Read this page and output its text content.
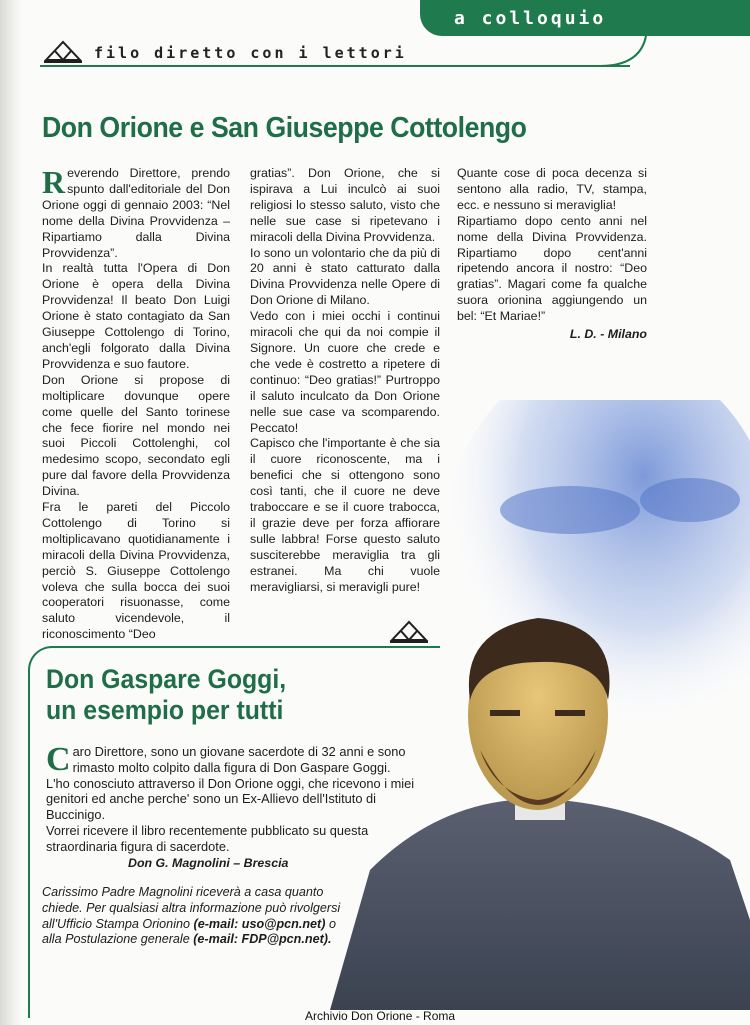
a colloquio
filo diretto con i lettori
Don Orione e San Giuseppe Cottolengo

Reverendo Direttore, prendo spunto dall'editoriale del Don Orione oggi di gennaio 2003: “Nel nome della Divina Provvidenza – Ripartiamo dalla Divina Provvidenza”.

In realtà tutta l'Opera di Don Orione è opera della Divina Provvidenza! Il beato Don Luigi Orione è stato contagiato da San Giuseppe Cottolengo di Torino, anch'egli folgorato dalla Divina Provvidenza e suo fautore.

Don Orione si propose di moltiplicare dovunque opere come quelle del Santo torinese che fece fiorire nel mondo nei suoi Piccoli Cottolenghi, col medesimo scopo, secondato egli pure dal favore della Provvidenza Divina.

Fra le pareti del Piccolo Cottolengo di Torino si moltiplicavano quotidianamente i miracoli della Divina Provvidenza, perciò S. Giuseppe Cottolengo voleva che sulla bocca dei suoi cooperatori risuonasse, come saluto vicendevole, il riconoscimento “Deo

gratias”. Don Orione, che si ispirava a Lui inculcò ai suoi religiosi lo stesso saluto, visto che nelle sue case si ripetevano i miracoli della Divina Provvidenza.

Io sono un volontario che da più di 20 anni è stato catturato dalla Divina Provvidenza nelle Opere di Don Orione di Milano.

Vedo con i miei occhi i continui miracoli che qui da noi compie il Signore. Un cuore che crede e che vede è costretto a ripetere di continuo: “Deo gratias!” Purtroppo il saluto inculcato da Don Orione nelle sue case va scomparendo. Peccato!

Capisco che l'importante è che sia il cuore riconoscente, ma i benefici che si ottengono sono così tanti, che il cuore ne deve traboccare e se il cuore trabocca, il grazie deve per forza affiorare sulle labbra! Forse questo saluto susciterebbe meraviglia tra gli estranei. Ma chi vuole meravigliarsi, si meravigli pure!

Quante cose di poca decenza si sentono alla radio, TV, stampa, ecc. e nessuno si meraviglia!

Ripartiamo dopo cento anni nel nome della Divina Provvidenza. Ripartiamo dopo cent'anni ripetendo ancora il nostro: “Deo gratias”. Magari come fa qualche suora orionina aggiungendo un bel: “Et Mariae!”

L. D. - Milano

Don Gaspare Goggi,
un esempio per tutti

Caro Direttore, sono un giovane sacerdote di 32 anni e sono rimasto molto colpito dalla figura di Don Gaspare Goggi.

L'ho conosciuto attraverso il Don Orione oggi, che ricevono i miei genitori ed anche perche' sono un Ex-Allievo dell'Istituto di Buccinigo.

Vorrei ricevere il libro recentemente pubblicato su questa straordinaria figura di sacerdote.

Don G. Magnolini – Brescia

Carissimo Padre Magnolini riceverà a casa quanto chiede. Per qualsiasi altra informazione può rivolgersi all'Ufficio Stampa Orionino (e-mail: uso@pcn.net) o alla Postulazione generale (e-mail: FDP@pcn.net).

Archivio Don Orione - Roma
